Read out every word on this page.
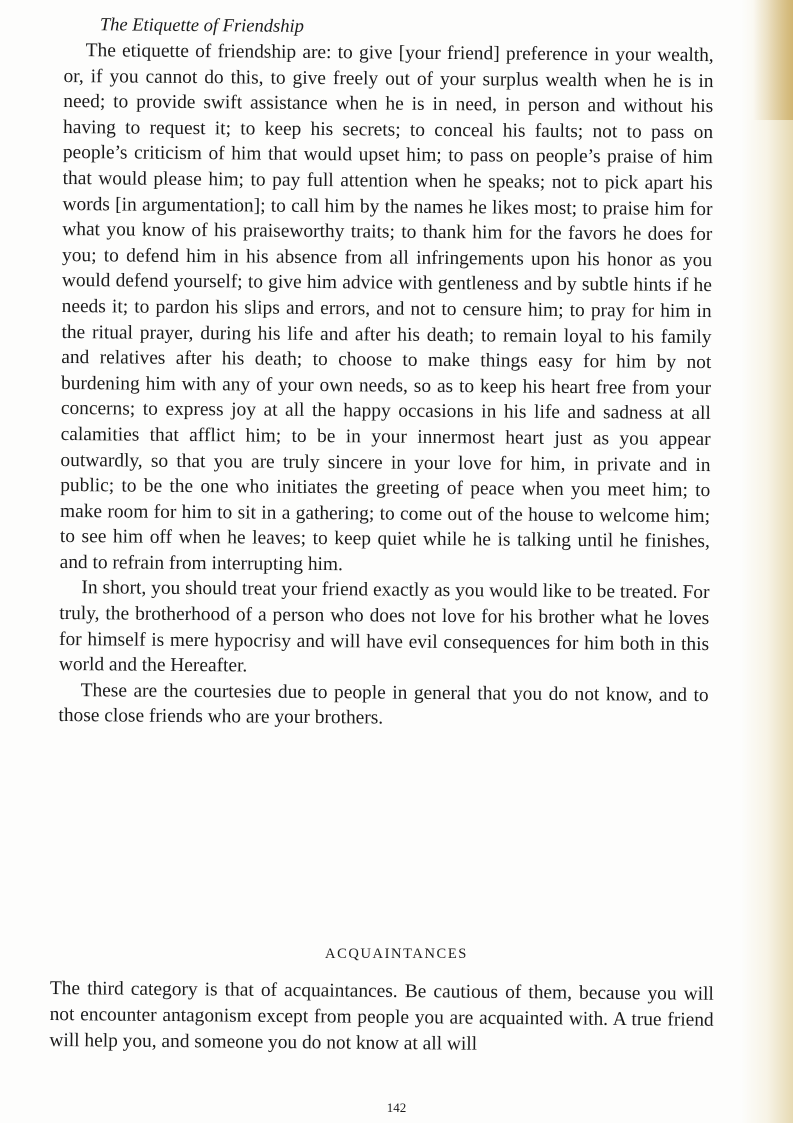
The Etiquette of Friendship

The etiquette of friendship are: to give [your friend] preference in your wealth, or, if you cannot do this, to give freely out of your surplus wealth when he is in need; to provide swift assistance when he is in need, in person and without his having to request it; to keep his secrets; to conceal his faults; not to pass on people’s criticism of him that would upset him; to pass on people’s praise of him that would please him; to pay full attention when he speaks; not to pick apart his words [in argumentation]; to call him by the names he likes most; to praise him for what you know of his praiseworthy traits; to thank him for the favors he does for you; to defend him in his absence from all infringements upon his honor as you would defend yourself; to give him advice with gentleness and by subtle hints if he needs it; to pardon his slips and errors, and not to censure him; to pray for him in the ritual prayer, during his life and after his death; to remain loyal to his family and relatives after his death; to choose to make things easy for him by not burdening him with any of your own needs, so as to keep his heart free from your concerns; to express joy at all the happy occasions in his life and sadness at all calamities that afflict him; to be in your innermost heart just as you appear outwardly, so that you are truly sincere in your love for him, in private and in public; to be the one who initiates the greeting of peace when you meet him; to make room for him to sit in a gathering; to come out of the house to welcome him; to see him off when he leaves; to keep quiet while he is talking until he finishes, and to refrain from interrupting him.

In short, you should treat your friend exactly as you would like to be treated. For truly, the brotherhood of a person who does not love for his brother what he loves for himself is mere hypocrisy and will have evil consequences for him both in this world and the Hereafter.

These are the courtesies due to people in general that you do not know, and to those close friends who are your brothers.

ACQUAINTANCES
The third category is that of acquaintances. Be cautious of them, because you will not encounter antagonism except from people you are acquainted with. A true friend will help you, and someone you do not know at all will
142
